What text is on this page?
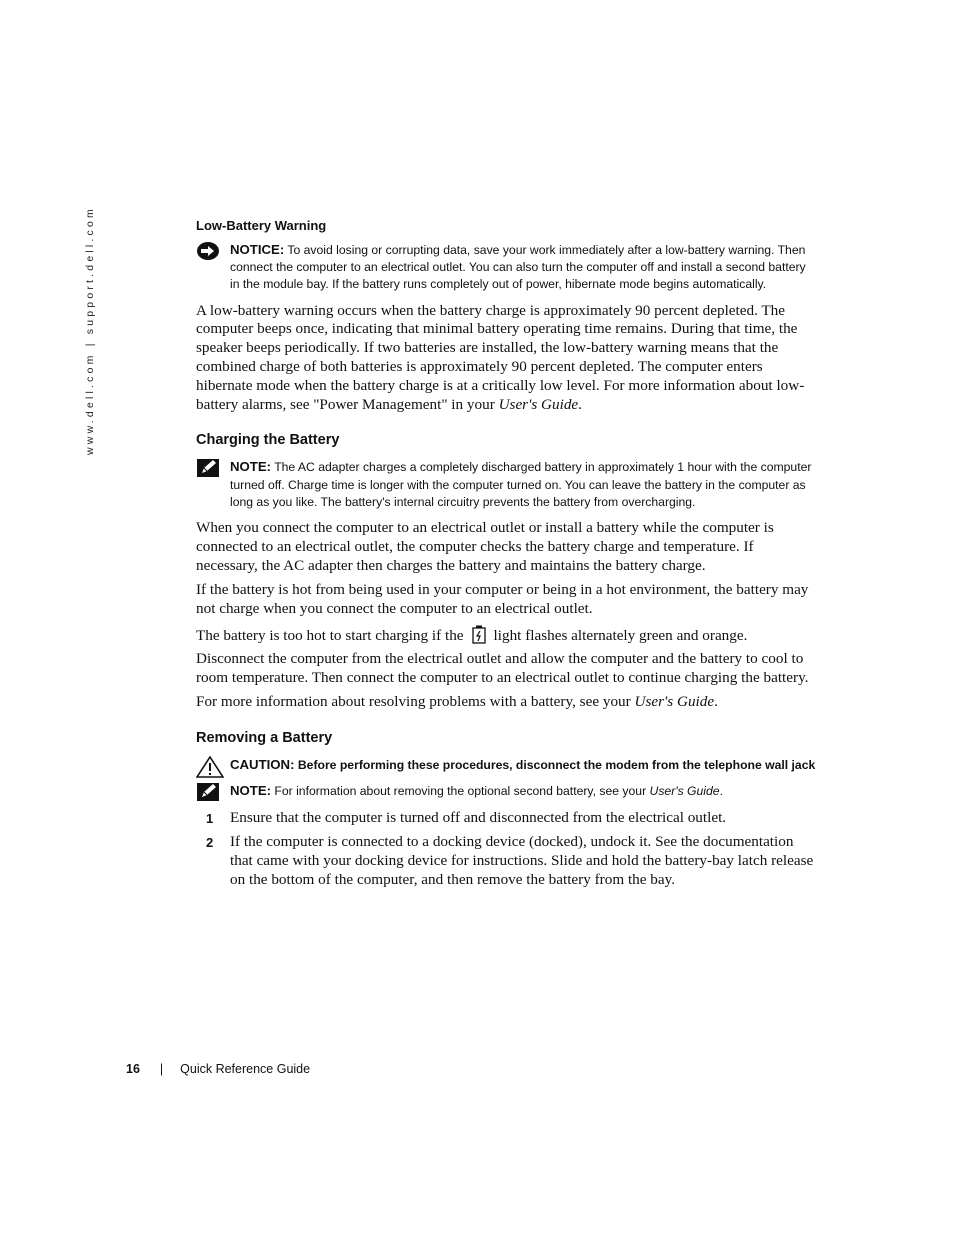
www.dell.com | support.dell.com	Low-Battery Warning
NOTICE: To avoid losing or corrupting data, save your work immediately after a low-battery warning. Then connect the computer to an electrical outlet. You can also turn the computer off and install a second battery in the module bay. If the battery runs completely out of power, hibernate mode begins automatically.

A low-battery warning occurs when the battery charge is approximately 90 percent depleted. The computer beeps once, indicating that minimal battery operating time remains. During that time, the speaker beeps periodically. If two batteries are installed, the low-battery warning means that the combined charge of both batteries is approximately 90 percent depleted. The computer enters hibernate mode when the battery charge is at a critically low level. For more information about low-battery alarms, see "Power Management" in your User's Guide.

Charging the Battery
NOTE: The AC adapter charges a completely discharged battery in approximately 1 hour with the computer turned off. Charge time is longer with the computer turned on. You can leave the battery in the computer as long as you like. The battery's internal circuitry prevents the battery from overcharging.

When you connect the computer to an electrical outlet or install a battery while the computer is connected to an electrical outlet, the computer checks the battery charge and temperature. If necessary, the AC adapter then charges the battery and maintains the battery charge.

If the battery is hot from being used in your computer or being in a hot environment, the battery may not charge when you connect the computer to an electrical outlet.

The battery is too hot to start charging if the light flashes alternately green and orange. Disconnect the computer from the electrical outlet and allow the computer and the battery to cool to room temperature. Then connect the computer to an electrical outlet to continue charging the battery.

For more information about resolving problems with a battery, see your User's Guide.

Removing a Battery
CAUTION: Before performing these procedures, disconnect the modem from the telephone wall jack
NOTE: For information about removing the optional second battery, see your User's Guide.
1 Ensure that the computer is turned off and disconnected from the electrical outlet.
2 If the computer is connected to a docking device (docked), undock it. See the documentation that came with your docking device for instructions. Slide and hold the battery-bay latch release on the bottom of the computer, and then remove the battery from the bay.
16 | Quick Reference Guide
